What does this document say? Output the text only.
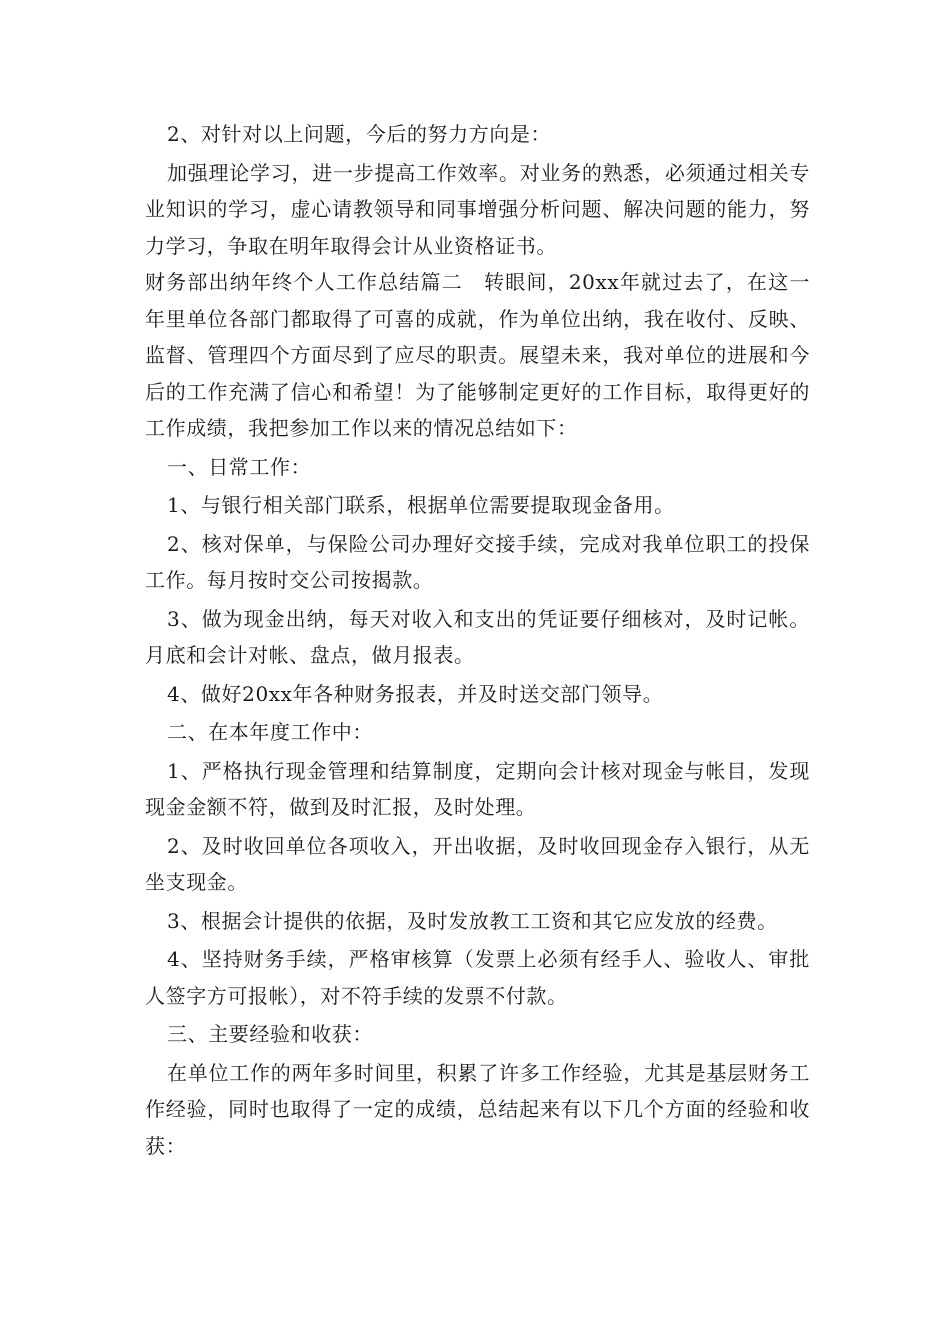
2、对针对以上问题，今后的努力方向是：

加强理论学习，进一步提高工作效率。对业务的熟悉，必须通过相关专业知识的学习，虚心请教领导和同事增强分析问题、解决问题的能力，努力学习，争取在明年取得会计从业资格证书。

财务部出纳年终个人工作总结篇二　转眼间，20xx年就过去了，在这一年里单位各部门都取得了可喜的成就，作为单位出纳，我在收付、反映、监督、管理四个方面尽到了应尽的职责。展望未来，我对单位的进展和今后的工作充满了信心和希望！为了能够制定更好的工作目标，取得更好的工作成绩，我把参加工作以来的情况总结如下：

一、日常工作：

1、与银行相关部门联系，根据单位需要提取现金备用。

2、核对保单，与保险公司办理好交接手续，完成对我单位职工的投保工作。每月按时交公司按揭款。

3、做为现金出纳，每天对收入和支出的凭证要仔细核对，及时记帐。月底和会计对帐、盘点，做月报表。

4、做好20xx年各种财务报表，并及时送交部门领导。

二、在本年度工作中：

1、严格执行现金管理和结算制度，定期向会计核对现金与帐目，发现现金金额不符，做到及时汇报，及时处理。

2、及时收回单位各项收入，开出收据，及时收回现金存入银行，从无坐支现金。

3、根据会计提供的依据，及时发放教工工资和其它应发放的经费。

4、坚持财务手续，严格审核算（发票上必须有经手人、验收人、审批人签字方可报帐），对不符手续的发票不付款。

三、主要经验和收获：

在单位工作的两年多时间里，积累了许多工作经验，尤其是基层财务工作经验，同时也取得了一定的成绩，总结起来有以下几个方面的经验和收获：
